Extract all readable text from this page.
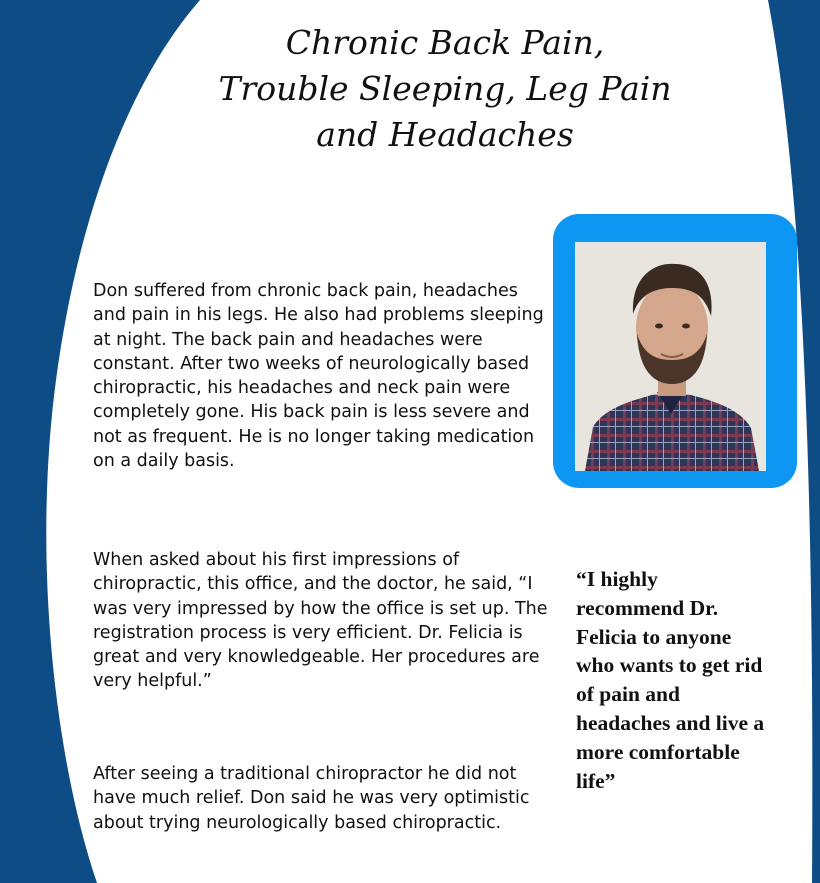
Chronic Back Pain,
Trouble Sleeping, Leg Pain
and Headaches

Don suffered from chronic back pain, headaches and pain in his legs. He also had problems sleeping at night. The back pain and headaches were constant. After two weeks of neurologically based chiropractic, his headaches and neck pain were completely gone. His back pain is less severe and not as frequent. He is no longer taking medication on a daily basis.

When asked about his first impressions of chiropractic, this office, and the doctor, he said, “I was very impressed by how the office is set up. The registration process is very efficient. Dr. Felicia is great and very knowledgeable. Her procedures are very helpful.”

After seeing a traditional chiropractor he did not have much relief. Don said he was very optimistic about trying neurologically based chiropractic.

“I highly recommend Dr. Felicia to anyone who wants to get rid of pain and headaches and live a more comfortable life”
